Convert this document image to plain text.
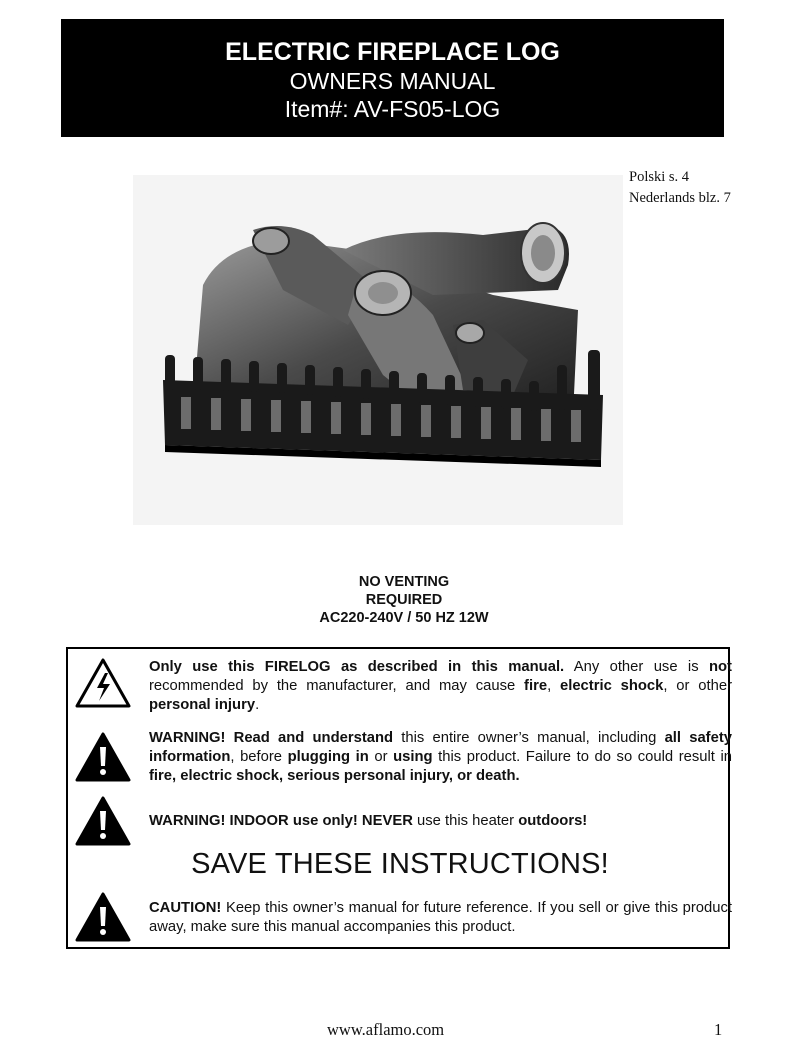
ELECTRIC FIREPLACE LOG
OWNERS MANUAL
Item#: AV-FS05-LOG
Polski s. 4
Nederlands blz. 7
NO VENTING
REQUIRED
AC220-240V / 50 HZ 12W
Only use this FIRELOG as described in this manual. Any other use is not recommended by the manufacturer, and may cause fire, electric shock, or other personal injury.
WARNING! Read and understand this entire owner’s manual, including all safety information, before plugging in or using this product. Failure to do so could result in fire, electric shock, serious personal injury, or death.
WARNING! INDOOR use only! NEVER use this heater outdoors!
SAVE THESE INSTRUCTIONS!
CAUTION! Keep this owner’s manual for future reference. If you sell or give this product away, make sure this manual accompanies this product.
www.aflamo.com	1
